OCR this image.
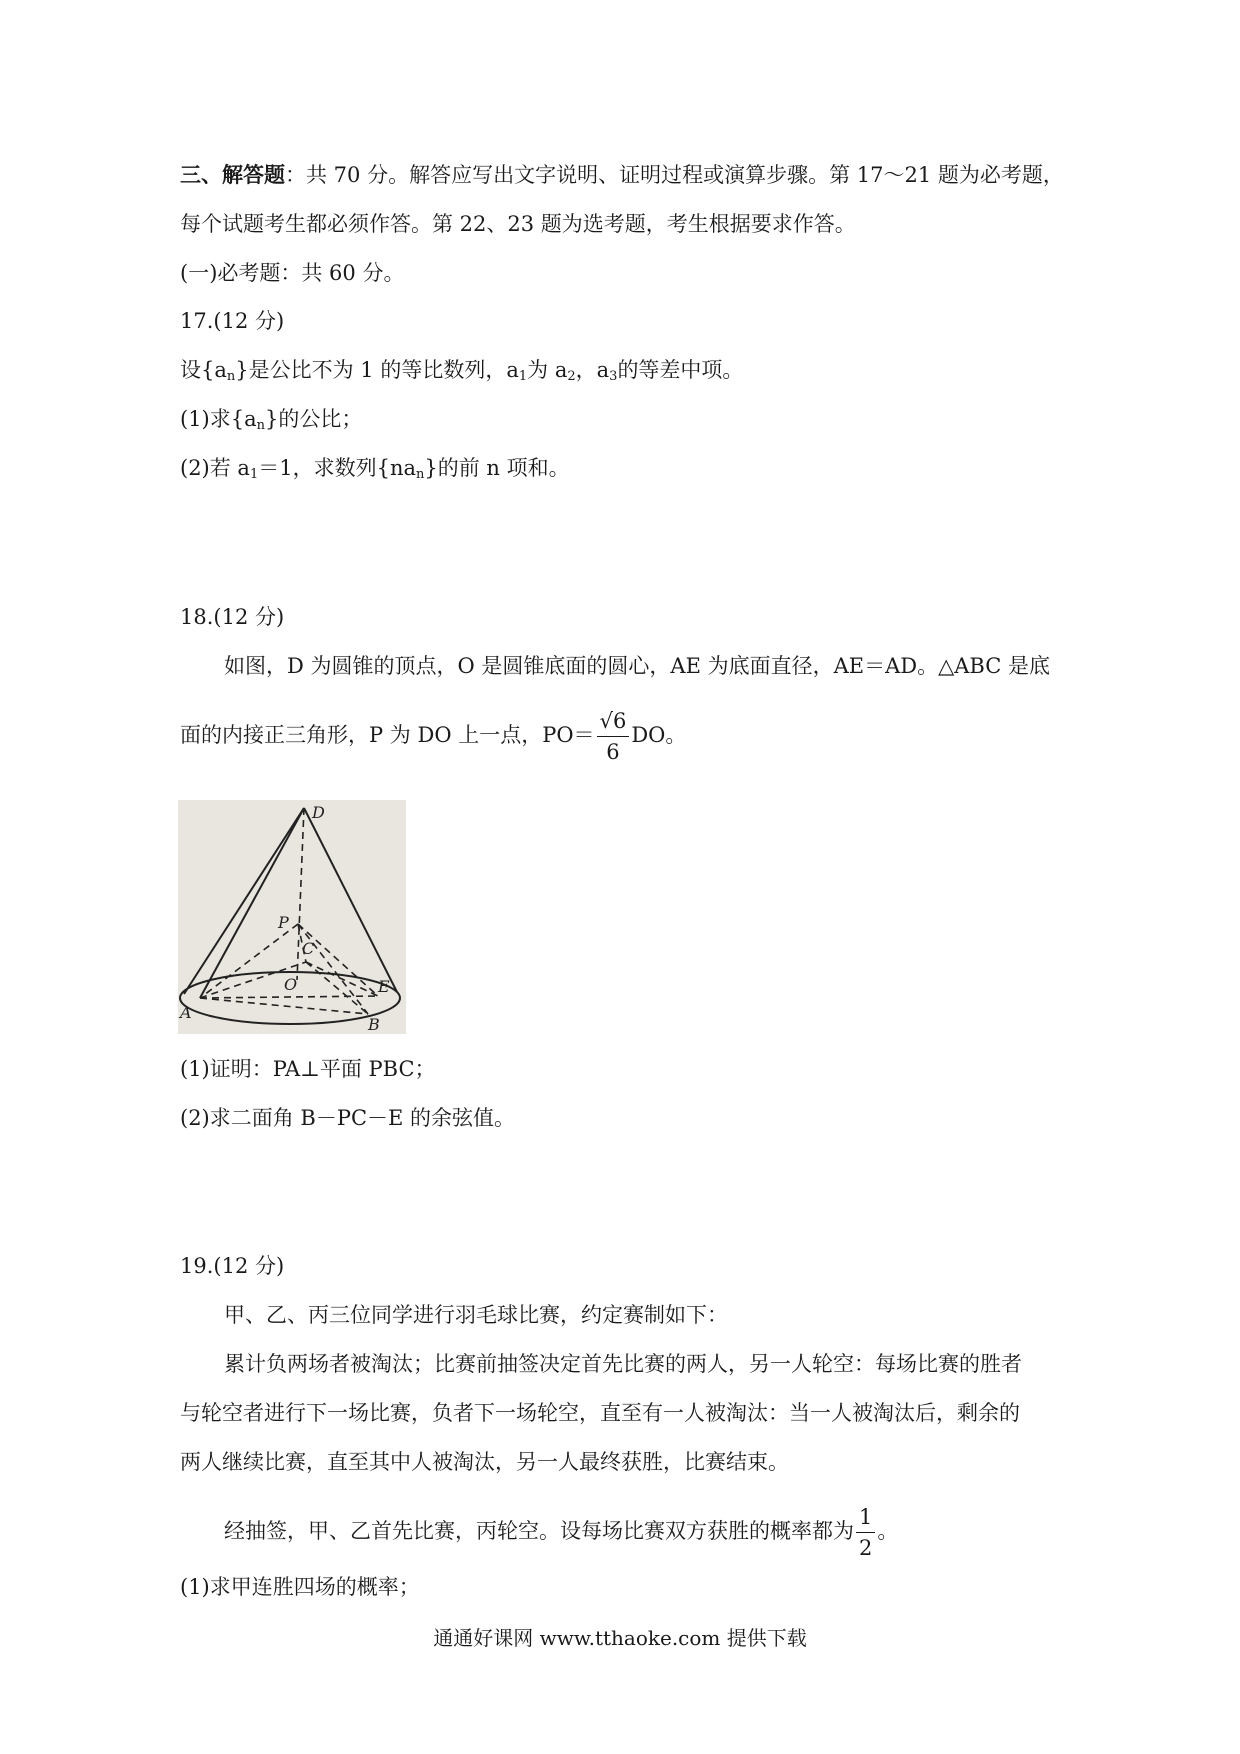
三、解答题：共 70 分。解答应写出文字说明、证明过程或演算步骤。第 17～21 题为必考题，
每个试题考生都必须作答。第 22、23 题为选考题，考生根据要求作答。
(一)必考题：共 60 分。
17.(12 分)
设$\{a_n\}$是公比不为 1 的等比数列，$a_1$为 $a_2$，$a_3$的等差中项。
(1)求$\{a_n\}$的公比；
(2)若 $a_1=1$，求数列$\{na_n\}$的前 n 项和。
18.(12 分)
如图，D 为圆锥的顶点，O 是圆锥底面的圆心，AE 为底面直径，AE＝AD。△ABC 是底
面的内接正三角形，P 为 DO 上一点，$PO= \frac{√6}{6}$ DO。
D
P
C
O	E
A
B
(1)证明：PA⊥平面 PBC；
(2)求二面角 B－PC－E 的余弦值。
19.(12 分)
甲、乙、丙三位同学进行羽毛球比赛，约定赛制如下：
累计负两场者被淘汰；比赛前抽签决定首先比赛的两人，另一人轮空：每场比赛的胜者
与轮空者进行下一场比赛，负者下一场轮空，直至有一人被淘汰：当一人被淘汰后，剩余的
两人继续比赛，直至其中人被淘汰，另一人最终获胜，比赛结束。
经抽签，甲、乙首先比赛，丙轮空。设每场比赛双方获胜的概率都为 $\frac{1}{2}$ 。
(1)求甲连胜四场的概率；
通通好课网 www.tthaoke.com 提供下载
